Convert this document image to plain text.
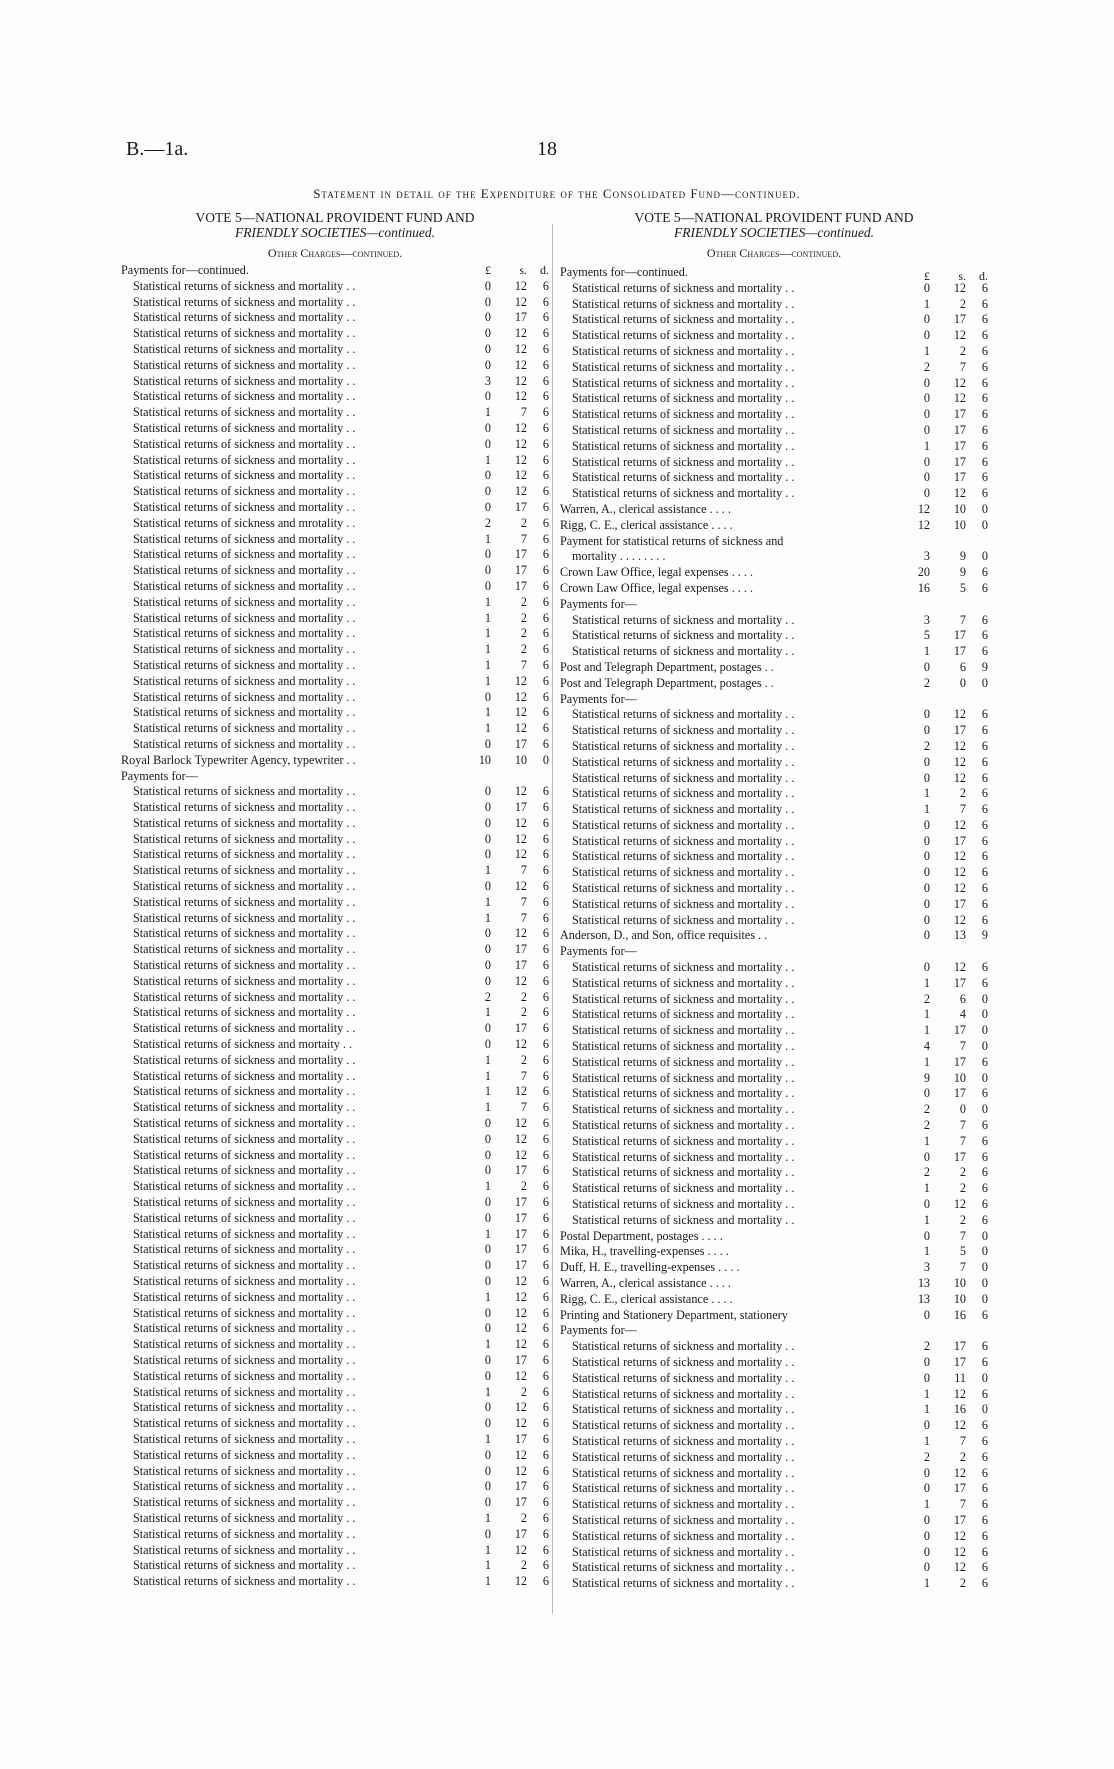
B.—1a.	18
Statement in detail of the Expenditure of the Consolidated Fund—continued.
VOTE 5—NATIONAL PROVIDENT FUND AND
FRIENDLY SOCIETIES—continued.
Other Charges—continued.
£	s.	d.
Payments for—continued.
Statistical returns of sickness and mortality . .	0	12	6
Statistical returns of sickness and mortality . .	0	12	6
Statistical returns of sickness and mortality . .	0	17	6
Statistical returns of sickness and mortality . .	0	12	6
Statistical returns of sickness and mortality . .	0	12	6
Statistical returns of sickness and mortality . .	0	12	6
Statistical returns of sickness and mortality . .	3	12	6
Statistical returns of sickness and mortality . .	0	12	6
Statistical returns of sickness and mortality . .	1	7	6
Statistical returns of sickness and mortality . .	0	12	6
Statistical returns of sickness and mortality . .	0	12	6
Statistical returns of sickness and mortality . .	1	12	6
Statistical returns of sickness and mortality . .	0	12	6
Statistical returns of sickness and mortality . .	0	12	6
Statistical returns of sickness and mortality . .	0	17	6
Statistical returns of sickness and mrotality . .	2	2	6
Statistical returns of sickness and mortality . .	1	7	6
Statistical returns of sickness and mortality . .	0	17	6
Statistical returns of sickness and mortality . .	0	17	6
Statistical returns of sickness and mortality . .	0	17	6
Statistical returns of sickness and mortality . .	1	2	6
Statistical returns of sickness and mortality . .	1	2	6
Statistical returns of sickness and mortality . .	1	2	6
Statistical returns of sickness and mortality . .	1	2	6
Statistical returns of sickness and mortality . .	1	7	6
Statistical returns of sickness and mortality . .	1	12	6
Statistical returns of sickness and mortality . .	0	12	6
Statistical returns of sickness and mortality . .	1	12	6
Statistical returns of sickness and mortality . .	1	12	6
Statistical returns of sickness and mortality . .	0	17	6
Royal Barlock Typewriter Agency, typewriter . .	10	10	0
Payments for—
Statistical returns of sickness and mortality . .	0	12	6
Statistical returns of sickness and mortality . .	0	17	6
Statistical returns of sickness and mortality . .	0	12	6
Statistical returns of sickness and mortality . .	0	12	6
Statistical returns of sickness and mortality . .	0	12	6
Statistical returns of sickness and mortality . .	1	7	6
Statistical returns of sickness and mortality . .	0	12	6
Statistical returns of sickness and mortality . .	1	7	6
Statistical returns of sickness and mortality . .	1	7	6
Statistical returns of sickness and mortality . .	0	12	6
Statistical returns of sickness and mortality . .	0	17	6
Statistical returns of sickness and mortality . .	0	17	6
Statistical returns of sickness and mortality . .	0	12	6
Statistical returns of sickness and mortality . .	2	2	6
Statistical returns of sickness and mortality . .	1	2	6
Statistical returns of sickness and mortality . .	0	17	6
Statistical returns of sickness and mortaity . .	0	12	6
Statistical returns of sickness and mortality . .	1	2	6
Statistical returns of sickness and mortality . .	1	7	6
Statistical returns of sickness and mortality . .	1	12	6
Statistical returns of sickness and mortality . .	1	7	6
Statistical returns of sickness and mortality . .	0	12	6
Statistical returns of sickness and mortality . .	0	12	6
Statistical returns of sickness and mortality . .	0	12	6
Statistical returns of sickness and mortality . .	0	17	6
Statistical returns of sickness and mortality . .	1	2	6
Statistical returns of sickness and mortality . .	0	17	6
Statistical returns of sickness and mortality . .	0	17	6
Statistical returns of sickness and mortality . .	1	17	6
Statistical returns of sickness and mortality . .	0	17	6
Statistical returns of sickness and mortality . .	0	17	6
Statistical returns of sickness and mortality . .	0	12	6
Statistical returns of sickness and mortality . .	1	12	6
Statistical returns of sickness and mortality . .	0	12	6
Statistical returns of sickness and mortality . .	0	12	6
Statistical returns of sickness and mortality . .	1	12	6
Statistical returns of sickness and mortality . .	0	17	6
Statistical returns of sickness and mortality . .	0	12	6
Statistical returns of sickness and mortality . .	1	2	6
Statistical returns of sickness and mortality . .	0	12	6
Statistical returns of sickness and mortality . .	0	12	6
Statistical returns of sickness and mortality . .	1	17	6
Statistical returns of sickness and mortality . .	0	12	6
Statistical returns of sickness and mortality . .	0	12	6
Statistical returns of sickness and mortality . .	0	17	6
Statistical returns of sickness and mortality . .	0	17	6
Statistical returns of sickness and mortality . .	1	2	6
Statistical returns of sickness and mortality . .	0	17	6
Statistical returns of sickness and mortality . .	1	12	6
Statistical returns of sickness and mortality . .	1	2	6
Statistical returns of sickness and mortality . .	1	12	6
VOTE 5—NATIONAL PROVIDENT FUND AND
FRIENDLY SOCIETIES—continued.
Other Charges—continued.
£	s.	d.
Payments for—continued.
Statistical returns of sickness and mortality . .	0	12	6
Statistical returns of sickness and mortality . .	1	2	6
Statistical returns of sickness and mortality . .	0	17	6
Statistical returns of sickness and mortality . .	0	12	6
Statistical returns of sickness and mortality . .	1	2	6
Statistical returns of sickness and mortality . .	2	7	6
Statistical returns of sickness and mortality . .	0	12	6
Statistical returns of sickness and mortality . .	0	12	6
Statistical returns of sickness and mortality . .	0	17	6
Statistical returns of sickness and mortality . .	0	17	6
Statistical returns of sickness and mortality . .	1	17	6
Statistical returns of sickness and mortality . .	0	17	6
Statistical returns of sickness and mortality . .	0	17	6
Statistical returns of sickness and mortality . .	0	12	6
Warren, A., clerical assistance . . . .	12	10	0
Rigg, C. E., clerical assistance . . . .	12	10	0
Payment for statistical returns of sickness and
mortality . . . . . . . .	3	9	0
Crown Law Office, legal expenses . . . .	20	9	6
Crown Law Office, legal expenses . . . .	16	5	6
Payments for—
Statistical returns of sickness and mortality . .	3	7	6
Statistical returns of sickness and mortality . .	5	17	6
Statistical returns of sickness and mortality . .	1	17	6
Post and Telegraph Department, postages . .	0	6	9
Post and Telegraph Department, postages . .	2	0	0
Payments for—
Statistical returns of sickness and mortality . .	0	12	6
Statistical returns of sickness and mortality . .	0	17	6
Statistical returns of sickness and mortality . .	2	12	6
Statistical returns of sickness and mortality . .	0	12	6
Statistical returns of sickness and mortality . .	0	12	6
Statistical returns of sickness and mortality . .	1	2	6
Statistical returns of sickness and mortality . .	1	7	6
Statistical returns of sickness and mortality . .	0	12	6
Statistical returns of sickness and mortality . .	0	17	6
Statistical returns of sickness and mortality . .	0	12	6
Statistical returns of sickness and mortality . .	0	12	6
Statistical returns of sickness and mortality . .	0	12	6
Statistical returns of sickness and mortality . .	0	17	6
Statistical returns of sickness and mortality . .	0	12	6
Anderson, D., and Son, office requisites . .	0	13	9
Payments for—
Statistical returns of sickness and mortality . .	0	12	6
Statistical returns of sickness and mortality . .	1	17	6
Statistical returns of sickness and mortality . .	2	6	0
Statistical returns of sickness and mortality . .	1	4	0
Statistical returns of sickness and mortality . .	1	17	0
Statistical returns of sickness and mortality . .	4	7	0
Statistical returns of sickness and mortality . .	1	17	6
Statistical returns of sickness and mortality . .	9	10	0
Statistical returns of sickness and mortality . .	0	17	6
Statistical returns of sickness and mortality . .	2	0	0
Statistical returns of sickness and mortality . .	2	7	6
Statistical returns of sickness and mortality . .	1	7	6
Statistical returns of sickness and mortality . .	0	17	6
Statistical returns of sickness and mortality . .	2	2	6
Statistical returns of sickness and mortality . .	1	2	6
Statistical returns of sickness and mortality . .	0	12	6
Statistical returns of sickness and mortality . .	1	2	6
Postal Department, postages . . . .	0	7	0
Mika, H., travelling-expenses . . . .	1	5	0
Duff, H. E., travelling-expenses . . . .	3	7	0
Warren, A., clerical assistance . . . .	13	10	0
Rigg, C. E., clerical assistance . . . .	13	10	0
Printing and Stationery Department, stationery	0	16	6
Payments for—
Statistical returns of sickness and mortality . .	2	17	6
Statistical returns of sickness and mortality . .	0	17	6
Statistical returns of sickness and mortality . .	0	11	0
Statistical returns of sickness and mortality . .	1	12	6
Statistical returns of sickness and mortality . .	1	16	0
Statistical returns of sickness and mortality . .	0	12	6
Statistical returns of sickness and mortality . .	1	7	6
Statistical returns of sickness and mortality . .	2	2	6
Statistical returns of sickness and mortality . .	0	12	6
Statistical returns of sickness and mortality . .	0	17	6
Statistical returns of sickness and mortality . .	1	7	6
Statistical returns of sickness and mortality . .	0	17	6
Statistical returns of sickness and mortality . .	0	12	6
Statistical returns of sickness and mortality . .	0	12	6
Statistical returns of sickness and mortality . .	0	12	6
Statistical returns of sickness and mortality . .	1	2	6
